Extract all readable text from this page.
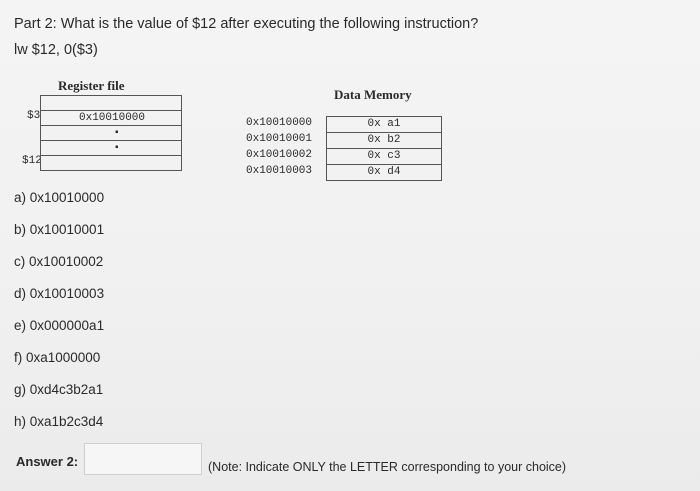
Part 2: What is the value of $12 after executing the following instruction?
lw $12, 0($3)
Register file
Data Memory
$3
$12
0x10010000
▪
▪
0x10010000
0x10010001
0x10010002
0x10010003
0x a1
0x b2
0x c3
0x d4
a) 0x10010000
b) 0x10010001
c) 0x10010002
d) 0x10010003
e) 0x000000a1
f) 0xa1000000
g) 0xd4c3b2a1
h) 0xa1b2c3d4
Answer 2:	(Note: Indicate ONLY the LETTER corresponding to your choice)
